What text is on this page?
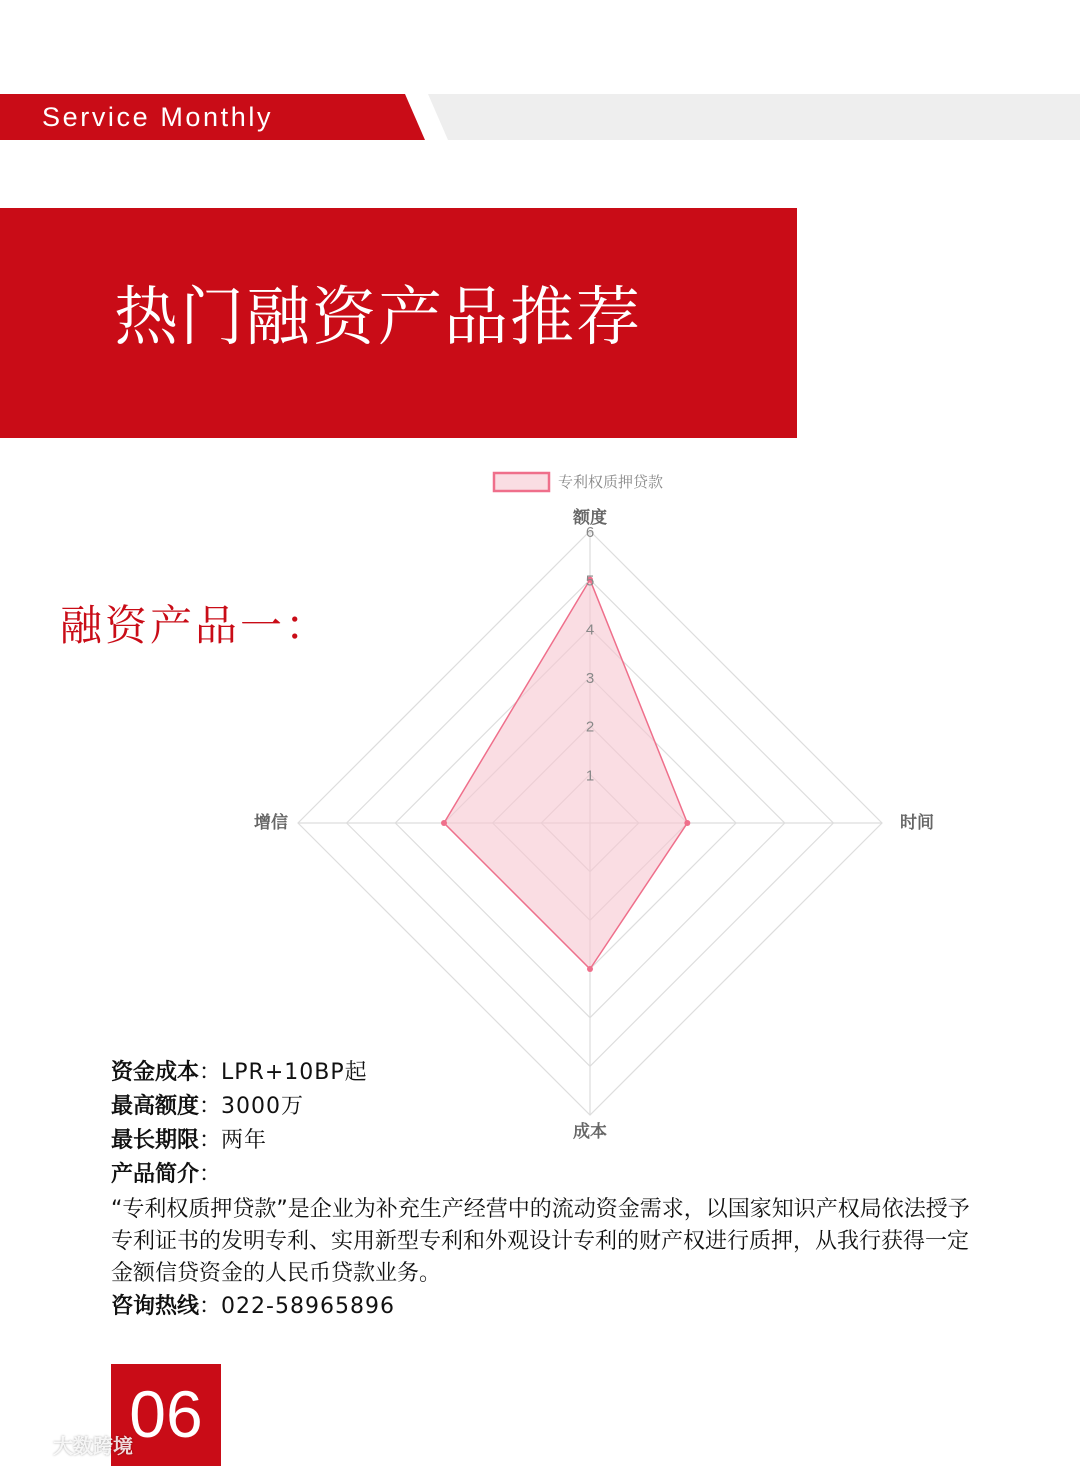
Service Monthly
热门融资产品推荐
融资产品一：
1
2
3
4
5
6
额度
时间
成本
增信
专利权质押贷款
资金成本：LPR+10BP起
最高额度：3000万
最长期限：两年
产品简介：

“专利权质押贷款”是企业为补充生产经营中的流动资金需求，以国家知识产权局依法授予专利证书的发明专利、实用新型专利和外观设计专利的财产权进行质押，从我行获得一定金额信贷资金的人民币贷款业务。

咨询热线：022-58965896
06
大数跨境
